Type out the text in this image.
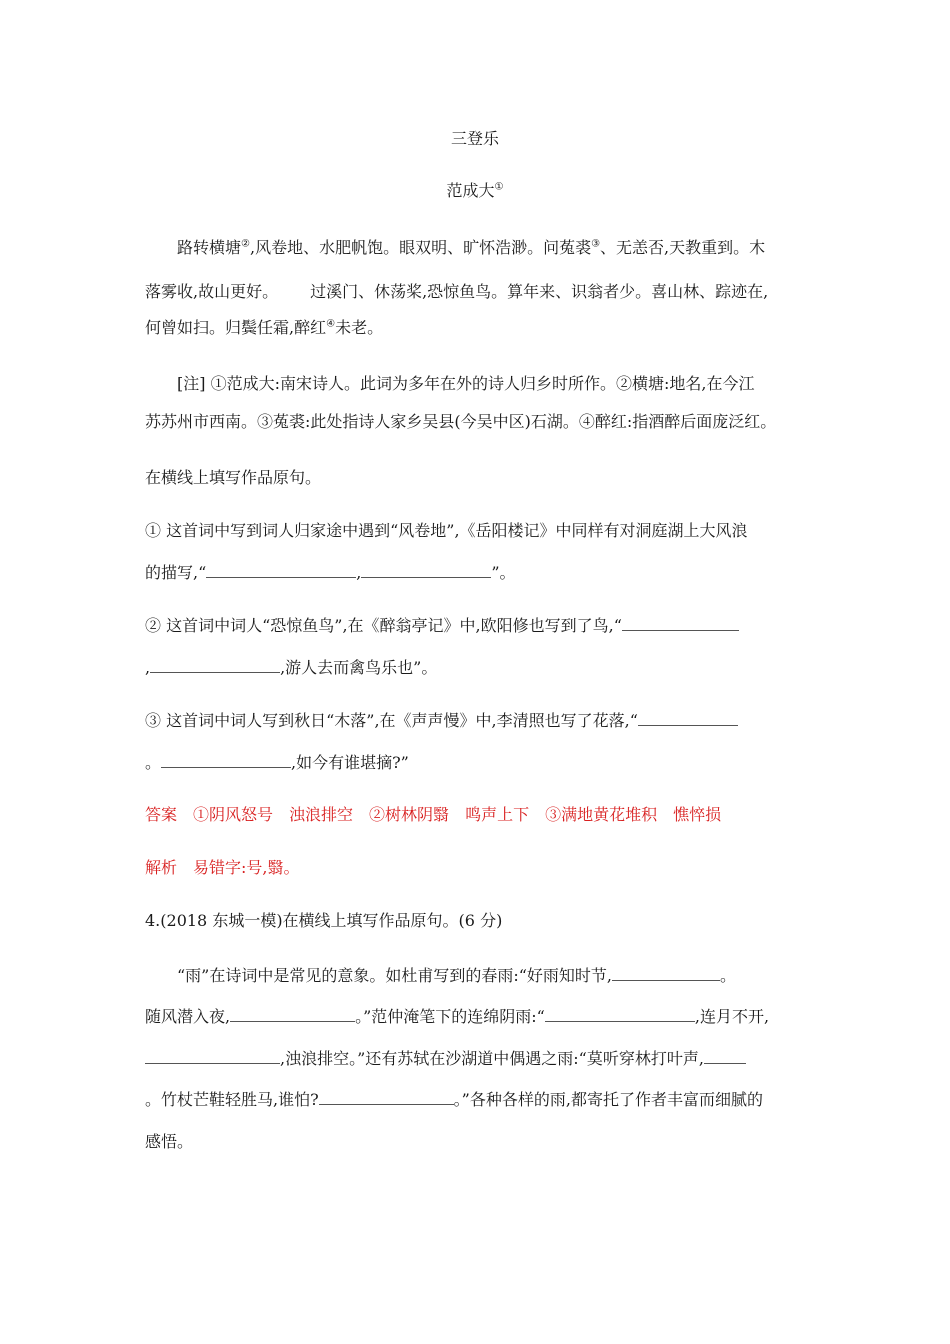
三登乐
范成大①
路转横塘②,风卷地、水肥帆饱。眼双明、旷怀浩渺。问菟裘③、无恙否,天教重到。木
落雾收,故山更好。 过溪门、休荡桨,恐惊鱼鸟。算年来、识翁者少。喜山林、踪迹在,
何曾如扫。归鬓任霜,醉红④未老。
[注] ①范成大:南宋诗人。此词为多年在外的诗人归乡时所作。②横塘:地名,在今江
苏苏州市西南。③菟裘:此处指诗人家乡吴县(今吴中区)石湖。④醉红:指酒醉后面庞泛红。
在横线上填写作品原句。
① 这首词中写到词人归家途中遇到“风卷地”,《岳阳楼记》中同样有对洞庭湖上大风浪
的描写,“	,	”。
② 这首词中词人“恐惊鱼鸟”,在《醉翁亭记》中,欧阳修也写到了鸟,“
,	,游人去而禽鸟乐也”。
③ 这首词中词人写到秋日“木落”,在《声声慢》中,李清照也写了花落,“
。	,如今有谁堪摘?”
答案 ①阴风怒号 浊浪排空 ②树林阴翳 鸣声上下 ③满地黄花堆积 憔悴损
解析 易错字:号,翳。
4.(2018 东城一模)在横线上填写作品原句。(6 分)
“雨”在诗词中是常见的意象。如杜甫写到的春雨:“好雨知时节,	。
随风潜入夜,	。”范仲淹笔下的连绵阴雨:“	,连月不开,
,浊浪排空。”还有苏轼在沙湖道中偶遇之雨:“莫听穿林打叶声,
。竹杖芒鞋轻胜马,谁怕?	。”各种各样的雨,都寄托了作者丰富而细腻的
感悟。
